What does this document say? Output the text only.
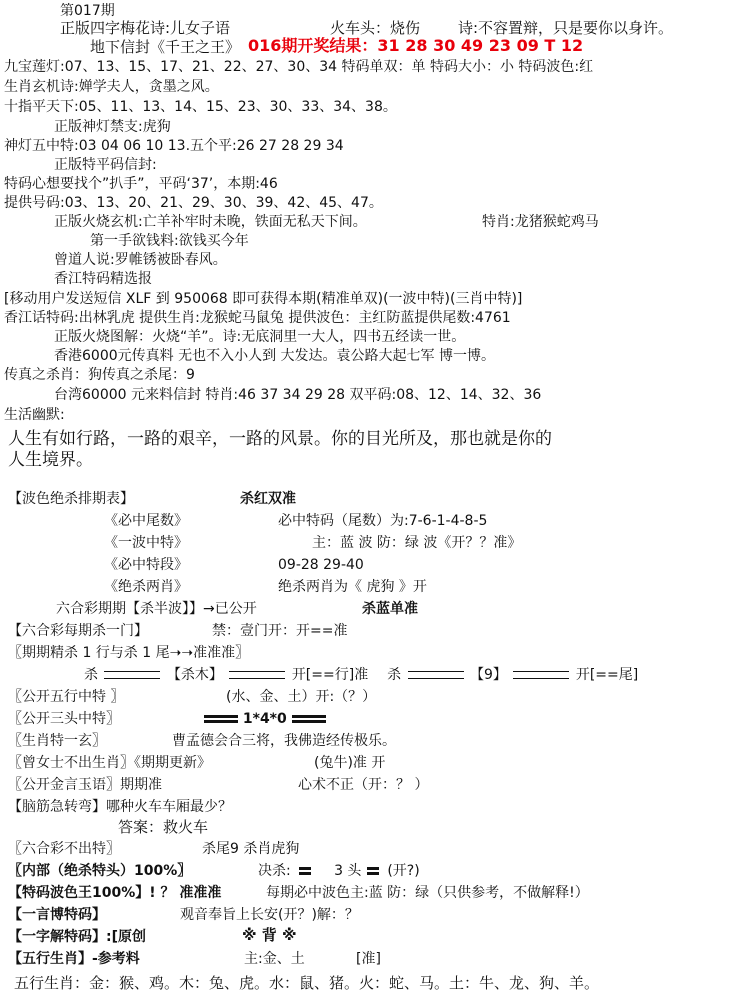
第017期
正版四字梅花诗:儿女子语	火车头：烧伤	诗:不容置辩，只是要你以身许。
地下信封《千王之王》 016期开奖结果：31 28 30 49 23 09 T 12
九宝莲灯:07、13、15、17、21、22、27、30、34 特码单双：单 特码大小：小 特码波色:红
生肖玄机诗:婵学夫人，贪墨之风。
十指平天下:05、11、13、14、15、23、30、33、34、38。
正版神灯禁支:虎狗
神灯五中特:03 04 06 10 13.五个平:26 27 28 29 34
正版特平码信封:
特码心想要找个”扒手”，平码‘37’，本期:46
提供号码:03、13、20、21、29、30、39、42、45、47。
正版火烧玄机:亡羊补牢时未晚，铁面无私天下间。	特肖:龙猪猴蛇鸡马
第一手欲钱料:欲钱买今年
曾道人说:罗帷锈被卧春风。
香江特码精选报
[移动用户发送短信 XLF 到 950068 即可获得本期(精准单双)(一波中特)(三肖中特)]
香江话特码:出林乳虎 提供生肖:龙猴蛇马鼠兔 提供波色：主红防蓝提供尾数:4761
正版火烧图解：火烧“羊”。诗:无底洞里一大人，四书五经读一世。
香港6000元传真料 无也不入小人到 大发达。袁公路大起七军 博一博。
传真之杀肖：狗传真之杀尾：9
台湾60000 元来料信封 特肖:46 37 34 29 28 双平码:08、12、14、32、36
生活幽默:
人生有如行路，一路的艰辛，一路的风景。你的目光所及，那也就是你的
人生境界。
【波色绝杀排期表】	杀红双准
《必中尾数》	必中特码（尾数）为:7-6-1-4-8-5
《一波中特》	主：蓝 波 防：绿 波《开？？准》
《必中特段》	09-28 29-40
《绝杀两肖》	绝杀两肖为《 虎狗 》开
六合彩期期【杀半波】】→已公开	杀蓝单准
【六合彩每期杀一门】	禁：壹门开：开==准
〖期期精杀 1 行与杀 1 尾➝➝准准准〗
杀	【杀木】	开[==行]准 杀	【9】	开[==尾]
〖公开五行中特 〗	(水、金、土）开:（？）
〖公开三头中特〗	1*4*0
〖生肖特一玄〗	曹孟德会合三将，我佛造经传极乐。
〖曾女士不出生肖〗《期期更新》	(兔牛)准 开
〖公开金言玉语〗期期准	心术不正（开：？ ）
【脑筋急转弯】哪种火车车厢最少？
答案：救火车
〖六合彩不出特〗	杀尾9 杀肖虎狗
〖内部（绝杀特头）100%〗	决杀:	3 头 (开?)
【特码波色王100%】! ？ 准准准	每期必中波色主:蓝 防：绿（只供参考，不做解释!）
【一言博特码】	观音奉旨上长安(开？)解：？
【一字解特码】:[原创	※ 背 ※
【五行生肖】-参考料	主:金、土	[准]
五行生肖：金：猴、鸡。木：兔、虎。水：鼠、猪。火：蛇、马。土：牛、龙、狗、羊。
